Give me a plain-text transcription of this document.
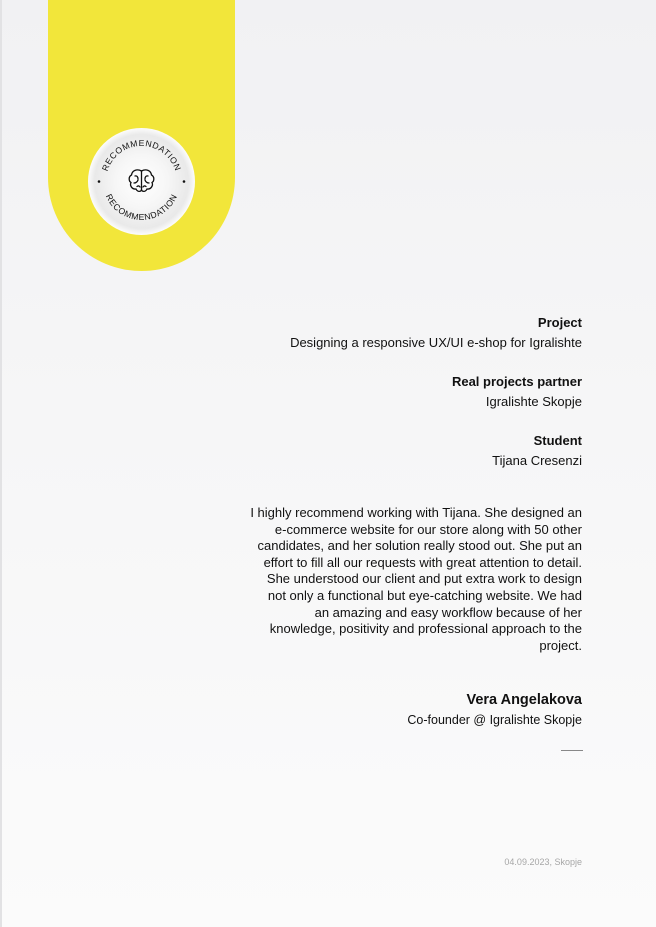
RECOMMENDATION
RECOMMENDATION
Project
Designing a responsive UX/UI e-shop for Igralishte
Real projects partner
Igralishte Skopje
Student
Tijana Cresenzi
I highly recommend working with Tijana. She designed an
e-commerce website for our store along with 50 other
candidates, and her solution really stood out. She put an
effort to fill all our requests with great attention to detail.
She understood our client and put extra work to design
not only a functional but eye-catching website. We had
an amazing and easy workflow because of her
knowledge, positivity and professional approach to the
project.
Vera Angelakova
Co-founder @ Igralishte Skopje
04.09.2023, Skopje
